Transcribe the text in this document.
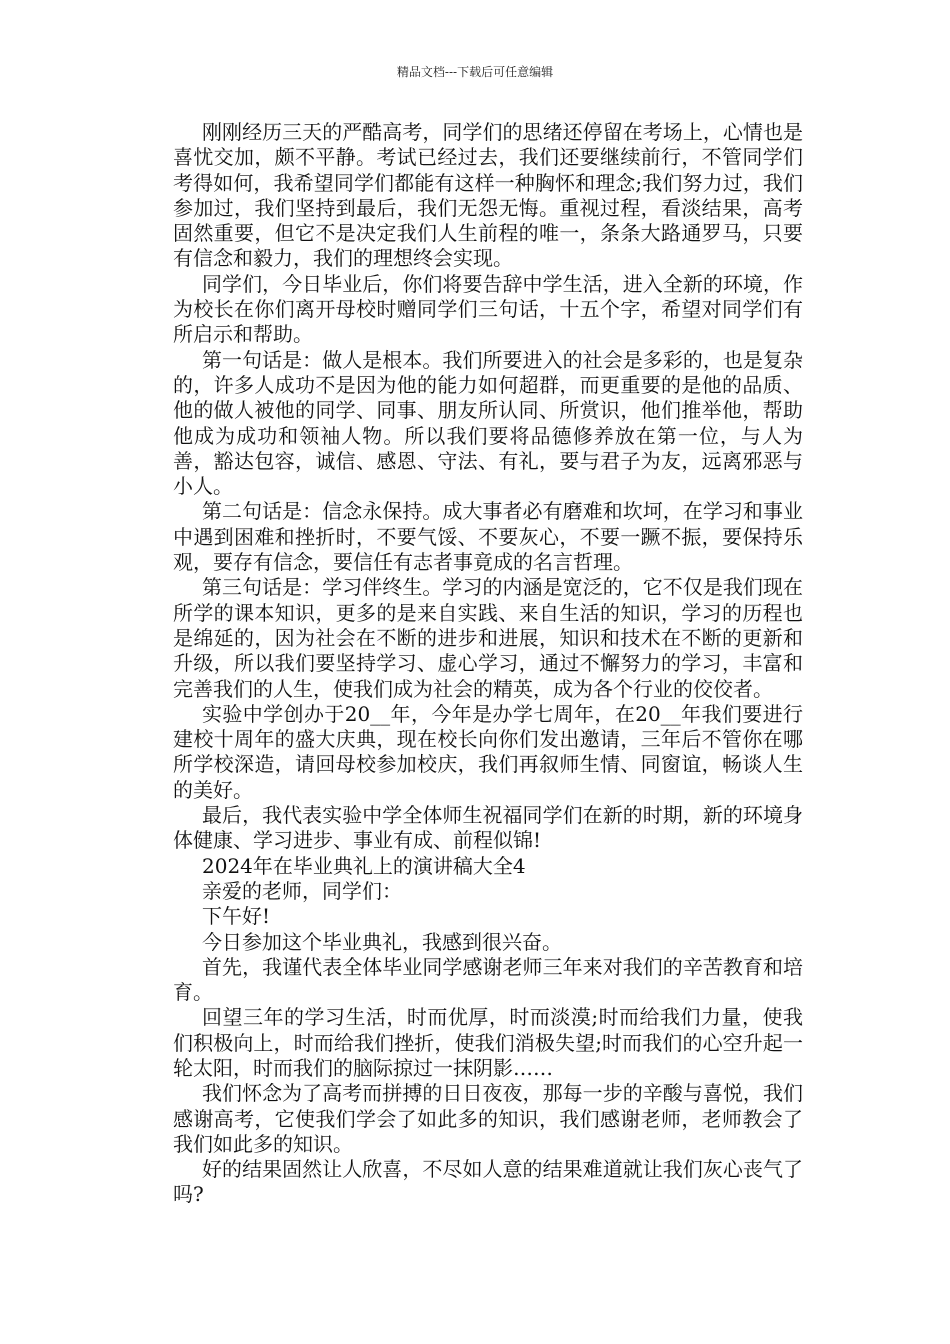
精品文档---下载后可任意编辑

刚刚经历三天的严酷高考，同学们的思绪还停留在考场上，心情也是喜忧交加，颇不平静。考试已经过去，我们还要继续前行，不管同学们考得如何，我希望同学们都能有这样一种胸怀和理念;我们努力过，我们参加过，我们坚持到最后，我们无怨无悔。重视过程，看淡结果，高考固然重要，但它不是决定我们人生前程的唯一，条条大路通罗马，只要有信念和毅力，我们的理想终会实现。

同学们，今日毕业后，你们将要告辞中学生活，进入全新的环境，作为校长在你们离开母校时赠同学们三句话，十五个字，希望对同学们有所启示和帮助。

第一句话是：做人是根本。我们所要进入的社会是多彩的，也是复杂的，许多人成功不是因为他的能力如何超群，而更重要的是他的品质、他的做人被他的同学、同事、朋友所认同、所赏识，他们推举他，帮助他成为成功和领袖人物。所以我们要将品德修养放在第一位，与人为善，豁达包容，诚信、感恩、守法、有礼，要与君子为友，远离邪恶与小人。

第二句话是：信念永保持。成大事者必有磨难和坎坷，在学习和事业中遇到困难和挫折时，不要气馁、不要灰心，不要一蹶不振，要保持乐观，要存有信念，要信任有志者事竟成的名言哲理。

第三句话是：学习伴终生。学习的内涵是宽泛的，它不仅是我们现在所学的课本知识，更多的是来自实践、来自生活的知识，学习的历程也是绵延的，因为社会在不断的进步和进展，知识和技术在不断的更新和升级，所以我们要坚持学习、虚心学习，通过不懈努力的学习，丰富和完善我们的人生，使我们成为社会的精英，成为各个行业的佼佼者。

实验中学创办于20__年，今年是办学七周年，在20__年我们要进行建校十周年的盛大庆典，现在校长向你们发出邀请，三年后不管你在哪所学校深造，请回母校参加校庆，我们再叙师生情、同窗谊，畅谈人生的美好。

最后，我代表实验中学全体师生祝福同学们在新的时期，新的环境身体健康、学习进步、事业有成、前程似锦!

2024年在毕业典礼上的演讲稿大全4

亲爱的老师，同学们：

下午好!

今日参加这个毕业典礼，我感到很兴奋。

首先，我谨代表全体毕业同学感谢老师三年来对我们的辛苦教育和培育。

回望三年的学习生活，时而优厚，时而淡漠;时而给我们力量，使我们积极向上，时而给我们挫折，使我们消极失望;时而我们的心空升起一轮太阳，时而我们的脑际掠过一抹阴影……

我们怀念为了高考而拼搏的日日夜夜，那每一步的辛酸与喜悦，我们感谢高考，它使我们学会了如此多的知识，我们感谢老师，老师教会了我们如此多的知识。

好的结果固然让人欣喜，不尽如人意的结果难道就让我们灰心丧气了吗?
